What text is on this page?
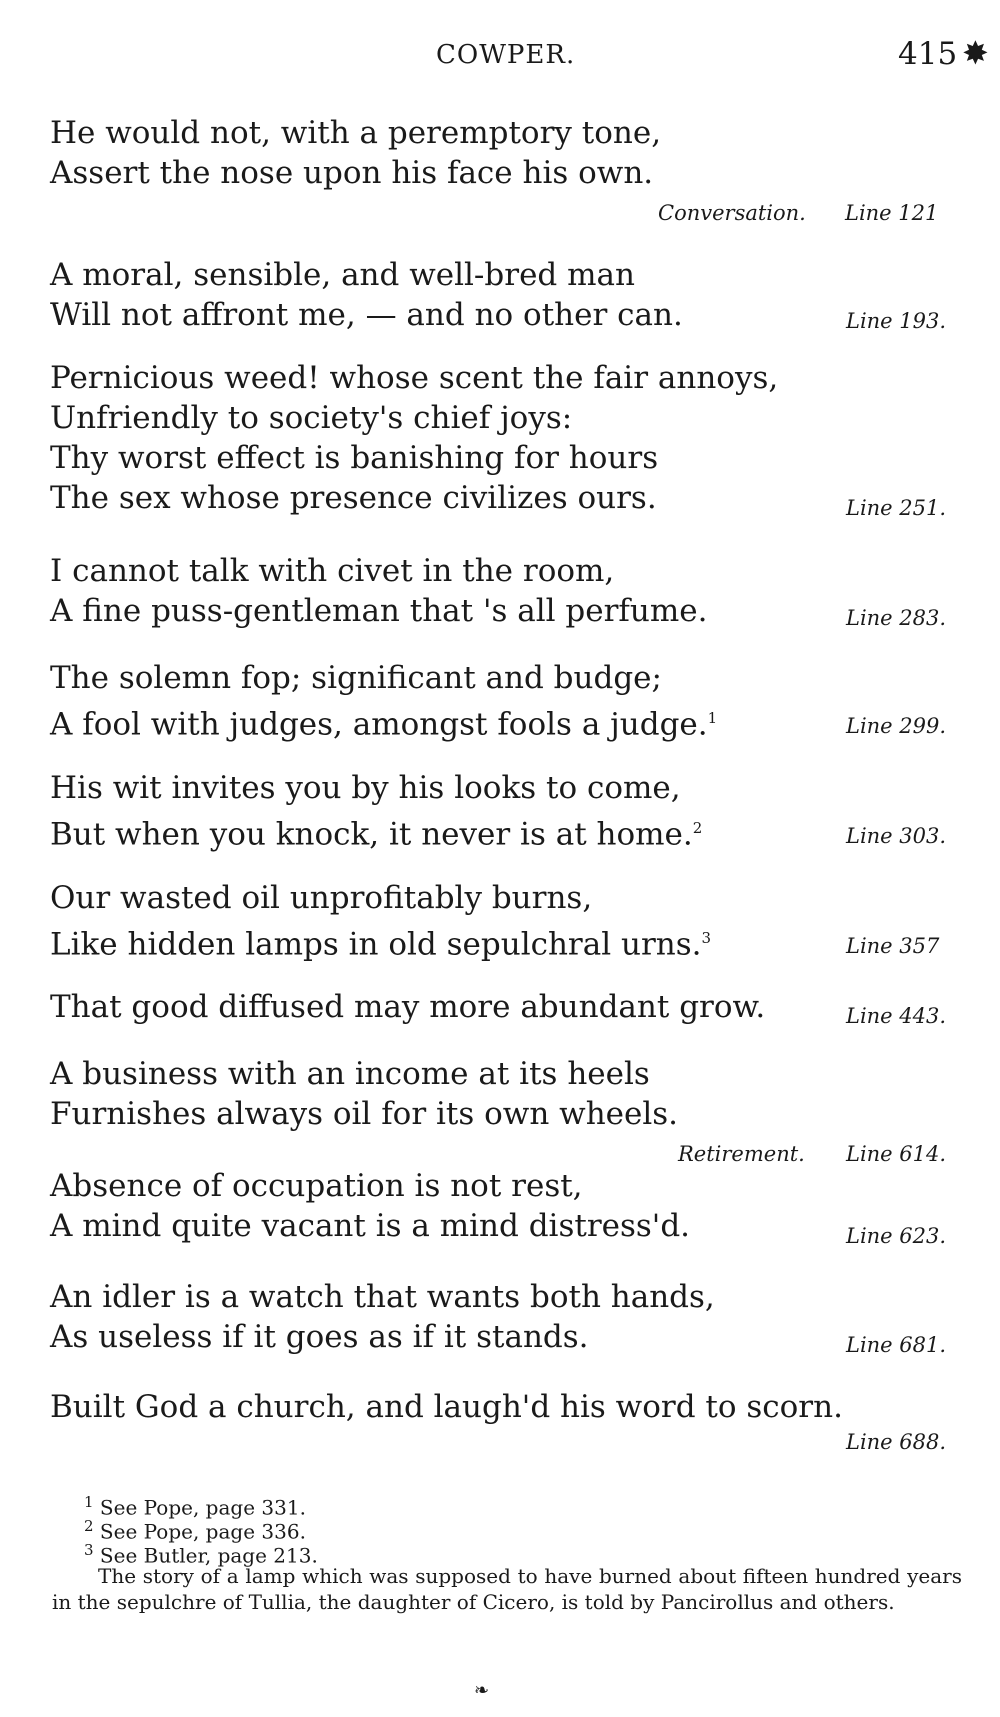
COWPER.	415 ✸
He would not, with a peremptory tone,
Assert the nose upon his face his own.
Conversation. Line 121
A moral, sensible, and well-bred man
Will not affront me, — and no other can.	Line 193.
Pernicious weed! whose scent the fair annoys,
Unfriendly to society's chief joys:
Thy worst effect is banishing for hours
The sex whose presence civilizes ours.	Line 251.
I cannot talk with civet in the room,
A fine puss-gentleman that 's all perfume.	Line 283.
The solemn fop; significant and budge;
A fool with judges, amongst fools a judge.$^1$	Line 299.
His wit invites you by his looks to come,
But when you knock, it never is at home.$^2$	Line 303.
Our wasted oil unprofitably burns,
Like hidden lamps in old sepulchral urns.$^3$	Line 357
That good diffused may more abundant grow.	Line 443.
A business with an income at its heels
Furnishes always oil for its own wheels.
Retirement. Line 614.
Absence of occupation is not rest,
A mind quite vacant is a mind distress'd.	Line 623.
An idler is a watch that wants both hands,
As useless if it goes as if it stands.	Line 681.
Built God a church, and laugh'd his word to scorn.
Line 688.
$^1$ See Pope, page 331.
$^2$ See Pope, page 336.
$^3$ See Butler, page 213.
The story of a lamp which was supposed to have burned about fifteen hundred years in the sepulchre of Tullia, the daughter of Cicero, is told by Pancirollus and others.
❧
